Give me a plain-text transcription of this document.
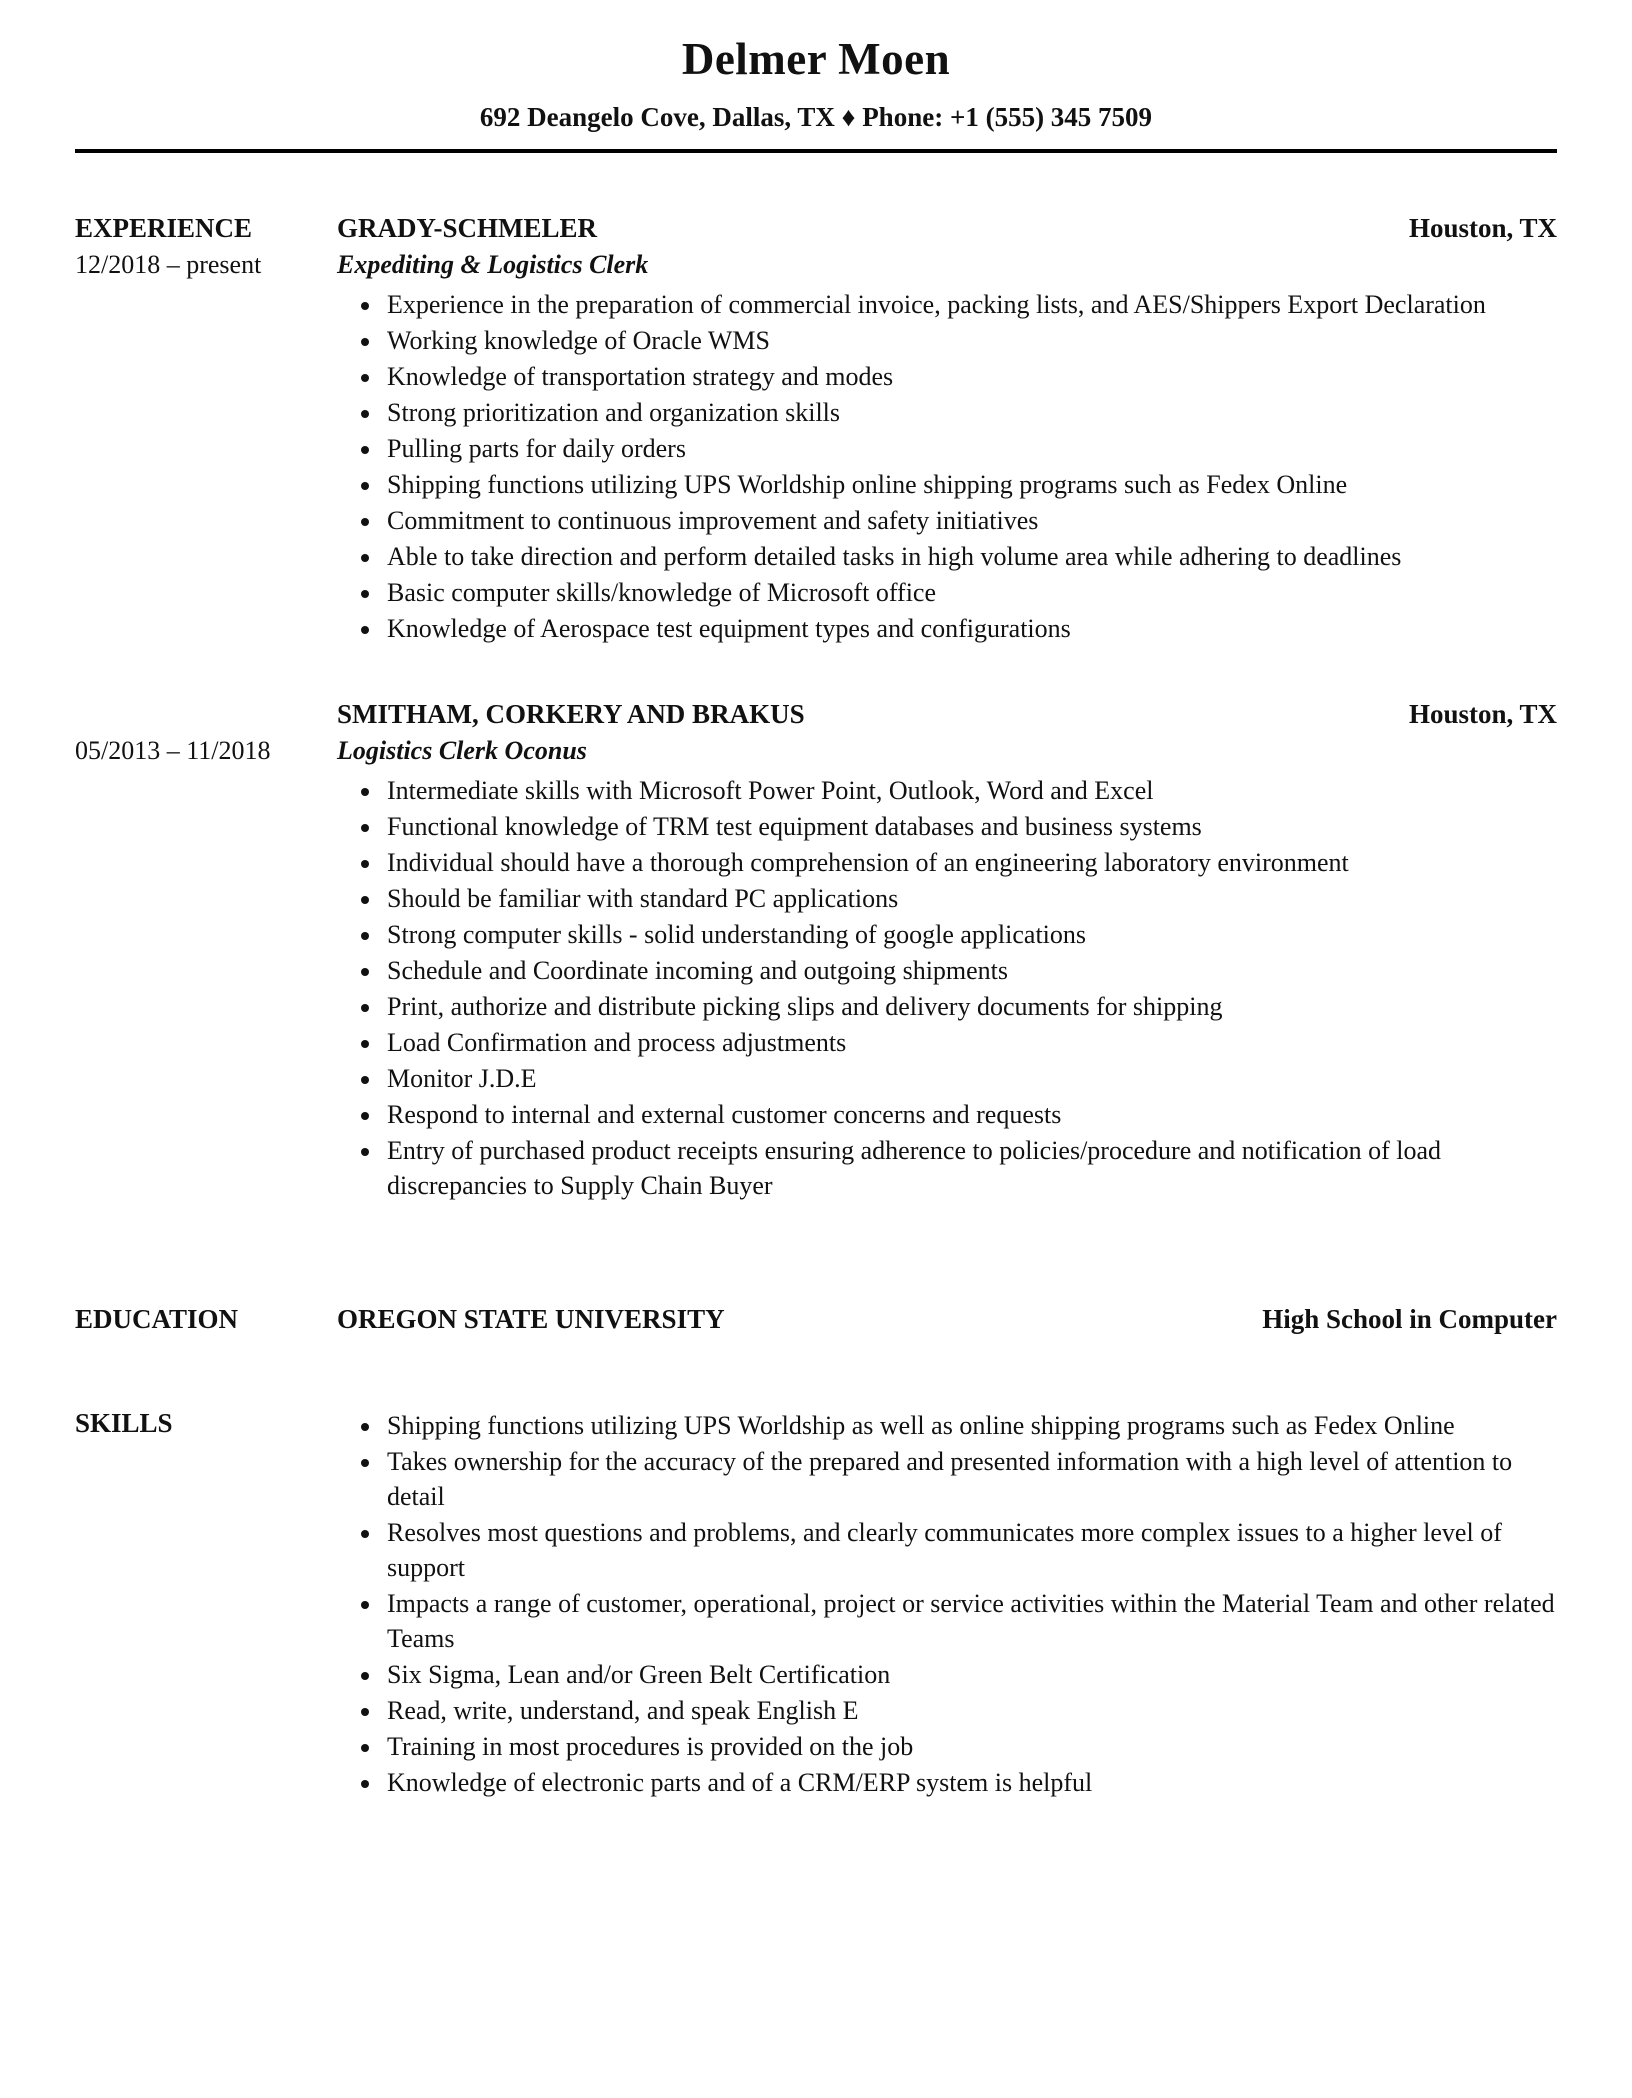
Delmer Moen
692 Deangelo Cove, Dallas, TX ♦ Phone: +1 (555) 345 7509
EXPERIENCE
12/2018 – present
GRADY-SCHMELER	Houston, TX
Expediting & Logistics Clerk
• Experience in the preparation of commercial invoice, packing lists, and AES/Shippers Export Declaration
• Working knowledge of Oracle WMS
• Knowledge of transportation strategy and modes
• Strong prioritization and organization skills
• Pulling parts for daily orders
• Shipping functions utilizing UPS Worldship online shipping programs such as Fedex Online
• Commitment to continuous improvement and safety initiatives
• Able to take direction and perform detailed tasks in high volume area while adhering to deadlines
• Basic computer skills/knowledge of Microsoft office
• Knowledge of Aerospace test equipment types and configurations
05/2013 – 11/2018
SMITHAM, CORKERY AND BRAKUS	Houston, TX
Logistics Clerk Oconus
• Intermediate skills with Microsoft Power Point, Outlook, Word and Excel
• Functional knowledge of TRM test equipment databases and business systems
• Individual should have a thorough comprehension of an engineering laboratory environment
• Should be familiar with standard PC applications
• Strong computer skills - solid understanding of google applications
• Schedule and Coordinate incoming and outgoing shipments
• Print, authorize and distribute picking slips and delivery documents for shipping
• Load Confirmation and process adjustments
• Monitor J.D.E
• Respond to internal and external customer concerns and requests
• Entry of purchased product receipts ensuring adherence to policies/procedure and notification of load discrepancies to Supply Chain Buyer
EDUCATION	OREGON STATE UNIVERSITY	High School in Computer
SKILLS	• Shipping functions utilizing UPS Worldship as well as online shipping programs such as Fedex Online
• Takes ownership for the accuracy of the prepared and presented information with a high level of attention to detail
• Resolves most questions and problems, and clearly communicates more complex issues to a higher level of support
• Impacts a range of customer, operational, project or service activities within the Material Team and other related Teams
• Six Sigma, Lean and/or Green Belt Certification
• Read, write, understand, and speak English E
• Training in most procedures is provided on the job
• Knowledge of electronic parts and of a CRM/ERP system is helpful
